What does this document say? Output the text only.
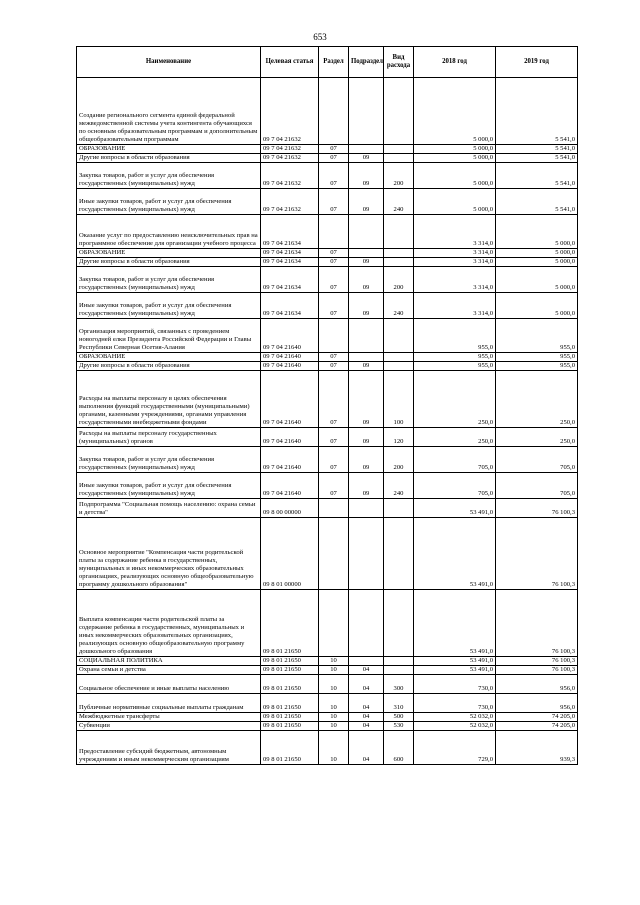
653
Наименование	Целевая статья	Раздел	Подраздел	Вид расхода	2018 год	2019 год
Создание регионального сегмента единой федеральной межведомственной системы учета контингента обучающихся по основным образовательным программам и дополнительным общеобразовательным программам	09 7 04 21632				5 000,0	5 541,0
ОБРАЗОВАНИЕ	09 7 04 21632	07			5 000,0	5 541,0
Другие вопросы в области образования	09 7 04 21632	07	09		5 000,0	5 541,0
Закупка товаров, работ и услуг для обеспечения государственных (муниципальных) нужд	09 7 04 21632	07	09	200	5 000,0	5 541,0
Иные закупки товаров, работ и услуг для обеспечения государственных (муниципальных) нужд	09 7 04 21632	07	09	240	5 000,0	5 541,0
Оказание услуг по предоставлению неисключительных прав на программное обеспечение для организации учебного процесса	09 7 04 21634				3 314,0	5 000,0
ОБРАЗОВАНИЕ	09 7 04 21634	07			3 314,0	5 000,0
Другие вопросы в области образования	09 7 04 21634	07	09		3 314,0	5 000,0
Закупка товаров, работ и услуг для обеспечения государственных (муниципальных) нужд	09 7 04 21634	07	09	200	3 314,0	5 000,0
Иные закупки товаров, работ и услуг для обеспечения государственных (муниципальных) нужд	09 7 04 21634	07	09	240	3 314,0	5 000,0
Организация мероприятий, связанных с проведением новогодней елки Президента Российской Федерации и Главы Республики Северная Осетия-Алания	09 7 04 21640				955,0	955,0
ОБРАЗОВАНИЕ	09 7 04 21640	07			955,0	955,0
Другие вопросы в области образования	09 7 04 21640	07	09		955,0	955,0
Расходы на выплаты персоналу в целях обеспечения выполнения функций государственными (муниципальными) органами, казенными учреждениями, органами управления государственными внебюджетными фондами	09 7 04 21640	07	09	100	250,0	250,0
Расходы на выплаты персоналу государственных (муниципальных) органов	09 7 04 21640	07	09	120	250,0	250,0
Закупка товаров, работ и услуг для обеспечения государственных (муниципальных) нужд	09 7 04 21640	07	09	200	705,0	705,0
Иные закупки товаров, работ и услуг для обеспечения государственных (муниципальных) нужд	09 7 04 21640	07	09	240	705,0	705,0
Подпрограмма "Социальная помощь населению: охрана семьи и детства"	09 8 00 00000				53 491,0	76 100,3
Основное мероприятие "Компенсация части родительской платы за содержание ребенка в государственных, муниципальных и иных некоммерческих образовательных организациях, реализующих основную общеобразовательную программу дошкольного образования"	09 8 01 00000				53 491,0	76 100,3
Выплата компенсации части родительской платы за содержание ребенка в государственных, муниципальных и иных некоммерческих образовательных организациях, реализующих основную общеобразовательную программу дошкольного образования	09 8 01 21650				53 491,0	76 100,3
СОЦИАЛЬНАЯ ПОЛИТИКА	09 8 01 21650	10			53 491,0	76 100,3
Охрана семьи и детства	09 8 01 21650	10	04		53 491,0	76 100,3
Социальное обеспечение и иные выплаты населению	09 8 01 21650	10	04	300	730,0	956,0
Публичные нормативные социальные выплаты гражданам	09 8 01 21650	10	04	310	730,0	956,0
Межбюджетные трансферты	09 8 01 21650	10	04	500	52 032,0	74 205,0
Субвенции	09 8 01 21650	10	04	530	52 032,0	74 205,0
Предоставление субсидий бюджетным, автономным учреждениям и иным некоммерческим организациям	09 8 01 21650	10	04	600	729,0	939,3
